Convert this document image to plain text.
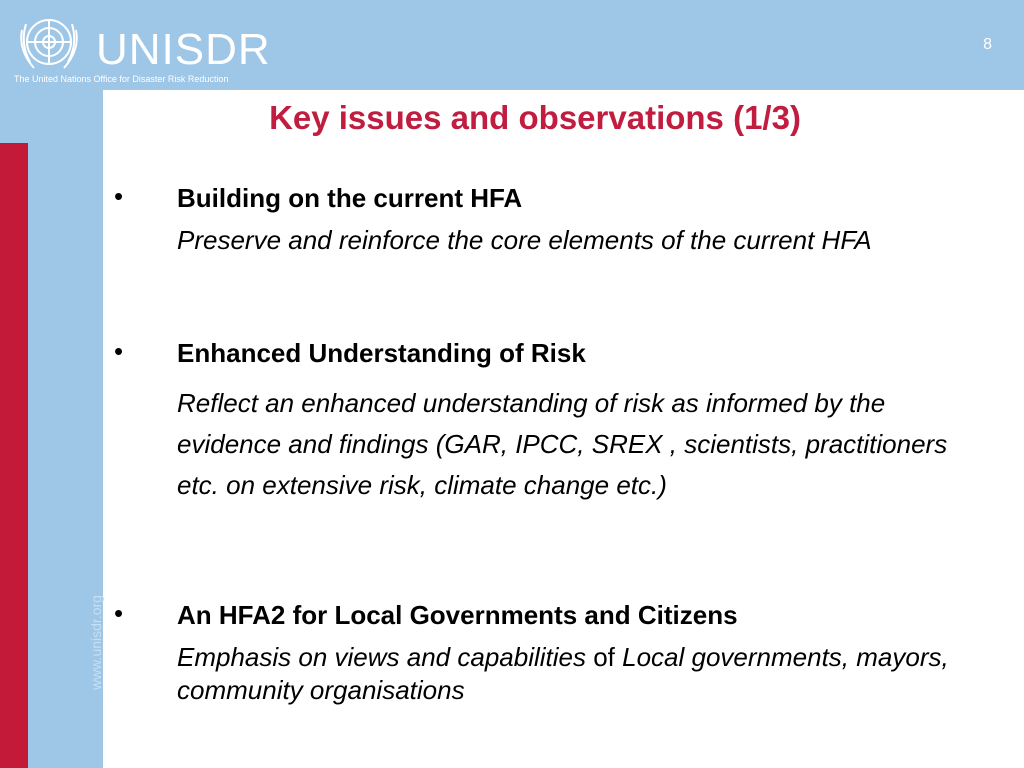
UNISDR
The United Nations Office for Disaster Risk Reduction
8
www.unisdr.org
Key issues and observations (1/3)
• Building on the current HFA
Preserve and reinforce the core elements of the current HFA
• Enhanced Understanding of Risk
Reflect an enhanced understanding of risk as informed by the evidence and findings (GAR, IPCC, SREX , scientists, practitioners etc. on extensive risk, climate change etc.)
• An HFA2 for Local Governments and Citizens
Emphasis on views and capabilities of Local governments, mayors, community organisations
